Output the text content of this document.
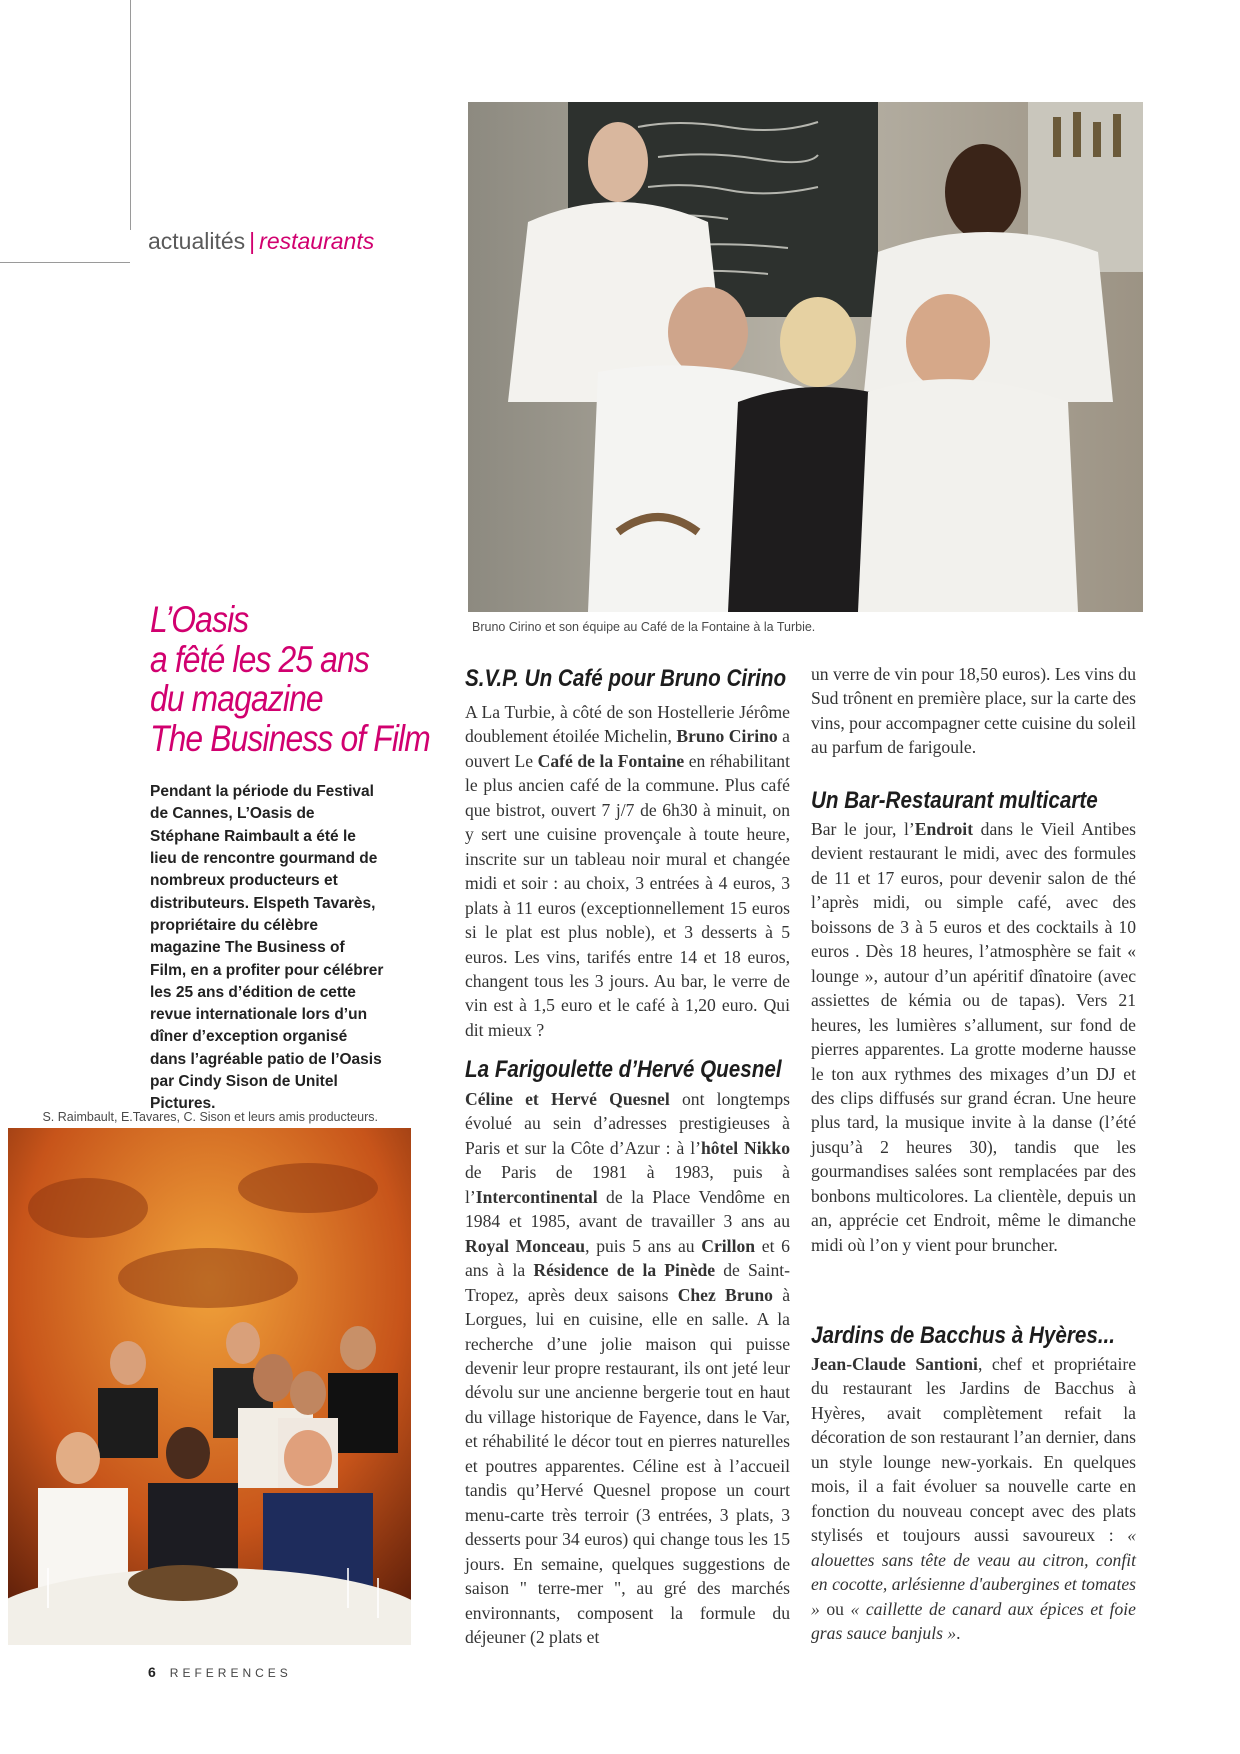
actualités | restaurants
Bruno Cirino et son équipe au Café de la Fontaine à la Turbie.
L’Oasis
a fêté les 25 ans
du magazine
The Business of Film
Pendant la période du Festival de Cannes, L’Oasis de Stéphane Raimbault a été le lieu de rencontre gourmand de nombreux producteurs et distributeurs. Elspeth Tavarès, propriétaire du célèbre magazine The Business of Film, en a profiter pour célébrer les 25 ans d’édition de cette revue internationale lors d’un dîner d’exception organisé dans l’agréable patio de l’Oasis par Cindy Sison de Unitel Pictures.
S. Raimbault, E.Tavares, C. Sison et leurs amis producteurs.
S.V.P. Un Café pour Bruno Cirino

A La Turbie, à côté de son Hostellerie Jérôme doublement étoilée Michelin, Bruno Cirino a ouvert Le Café de la Fontaine en réhabilitant le plus ancien café de la commune. Plus café que bistrot, ouvert 7 j/7 de 6h30 à minuit, on y sert une cuisine provençale à toute heure, inscrite sur un tableau noir mural et changée midi et soir : au choix, 3 entrées à 4 euros, 3 plats à 11 euros (exceptionnellement 15 euros si le plat est plus noble), et 3 desserts à 5 euros. Les vins, tarifés entre 14 et 18 euros, changent tous les 3 jours. Au bar, le verre de vin est à 1,5 euro et le café à 1,20 euro. Qui dit mieux ?

La Farigoulette d’Hervé Quesnel

Céline et Hervé Quesnel ont longtemps évolué au sein d’adresses prestigieuses à Paris et sur la Côte d’Azur : à l’hôtel Nikko de Paris de 1981 à 1983, puis à l’Intercontinental de la Place Vendôme en 1984 et 1985, avant de travailler 3 ans au Royal Monceau, puis 5 ans au Crillon et 6 ans à la Résidence de la Pinède de Saint-Tropez, après deux saisons Chez Bruno à Lorgues, lui en cuisine, elle en salle. A la recherche d’une jolie maison qui puisse devenir leur propre restaurant, ils ont jeté leur dévolu sur une ancienne bergerie tout en haut du village historique de Fayence, dans le Var, et réhabilité le décor tout en pierres naturelles et poutres apparentes. Céline est à l’accueil tandis qu’Hervé Quesnel propose un court menu-carte très terroir (3 entrées, 3 plats, 3 desserts pour 34 euros) qui change tous les 15 jours. En semaine, quelques suggestions de saison " terre-mer ", au gré des marchés environnants, composent la formule du déjeuner (2 plats et

un verre de vin pour 18,50 euros). Les vins du Sud trônent en première place, sur la carte des vins, pour accompagner cette cuisine du soleil au parfum de farigoule.
Un Bar-Restaurant multicarte

Bar le jour, l’Endroit dans le Vieil Antibes devient restaurant le midi, avec des formules de 11 et 17 euros, pour devenir salon de thé l’après midi, ou simple café, avec des boissons de 3 à 5 euros et des cocktails à 10 euros . Dès 18 heures, l’atmosphère se fait « lounge », autour d’un apéritif dînatoire (avec assiettes de kémia ou de tapas). Vers 21 heures, les lumières s’allument, sur fond de pierres apparentes. La grotte moderne hausse le ton aux rythmes des mixages d’un DJ et des clips diffusés sur grand écran. Une heure plus tard, la musique invite à la danse (l’été jusqu’à 2 heures 30), tandis que les gourmandises salées sont remplacées par des bonbons multicolores. La clientèle, depuis un an, apprécie cet Endroit, même le dimanche midi où l’on y vient pour bruncher.

Jardins de Bacchus à Hyères...

Jean-Claude Santioni, chef et propriétaire du restaurant les Jardins de Bacchus à Hyères, avait complètement refait la décoration de son restaurant l’an dernier, dans un style lounge new-yorkais. En quelques mois, il a fait évoluer sa nouvelle carte en fonction du nouveau concept avec des plats stylisés et toujours aussi savoureux : « alouettes sans tête de veau au citron, confit en cocotte, arlésienne d'aubergines et tomates » ou « caillette de canard aux épices et foie gras sauce banjuls ».

6 REFERENCES
